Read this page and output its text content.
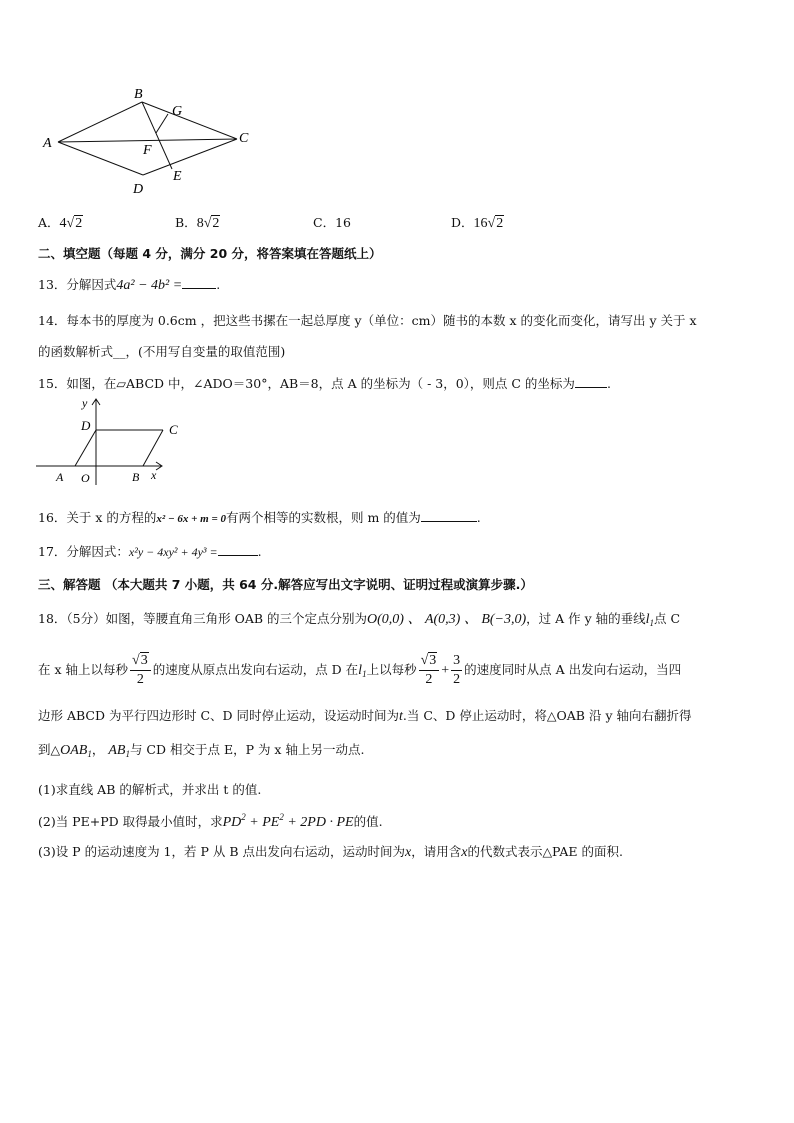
A
B
G
C
F
E
D
A．4√2	B．8√2	C．16	D．16√2
二、填空题（每题 4 分，满分 20 分，将答案填在答题纸上）
13．分解因式4a² − 4b² =	.
14．每本书的厚度为 0.6cm ，把这些书摞在一起总厚度 y（单位：cm）随书的本数 x 的变化而变化，请写出 y 关于 x
的函数解析式__，(不用写自变量的取值范围)
15．如图，在▱ABCD 中，∠ADO＝30°，AB＝8，点 A 的坐标为（ - 3，0），则点 C 的坐标为	.
y
D	C
A O	B x
16．关于 x 的方程的x² − 6x + m = 0有两个相等的实数根，则 m 的值为	.
17．分解因式：x²y − 4xy² + 4y³ =	.
三、解答题 （本大题共 7 小题，共 64 分.解答应写出文字说明、证明过程或演算步骤.）
18．（5分）如图，等腰直角三角形 OAB 的三个定点分别为O(0,0) 、 A(0,3) 、 B(−3,0)，过 A 作 y 轴的垂线$l_1$点 C
在 x 轴上以每秒 $\frac{√3}{2}$ 的速度从原点出发向右运动，点 D 在$l_1$上以每秒 $\frac{√3}{2} + \frac{3}{2}$ 的速度同时从点 A 出发向右运动，当四
边形 ABCD 为平行四边形时 C、D 同时停止运动，设运动时间为t.当 C、D 停止运动时，将△OAB 沿 y 轴向右翻折得
到$\triangle OAB_1$， $AB_1$与 CD 相交于点 E，P 为 x 轴上另一动点.
(1)求直线 AB 的解析式，并求出 t 的值.
(2)当 PE+PD 取得最小值时，求$PD^2 + PE^2 + 2PD$ · PE的值.
(3)设 P 的运动速度为 1，若 P 从 B 点出发向右运动，运动时间为x，请用含x的代数式表示△PAE 的面积.
